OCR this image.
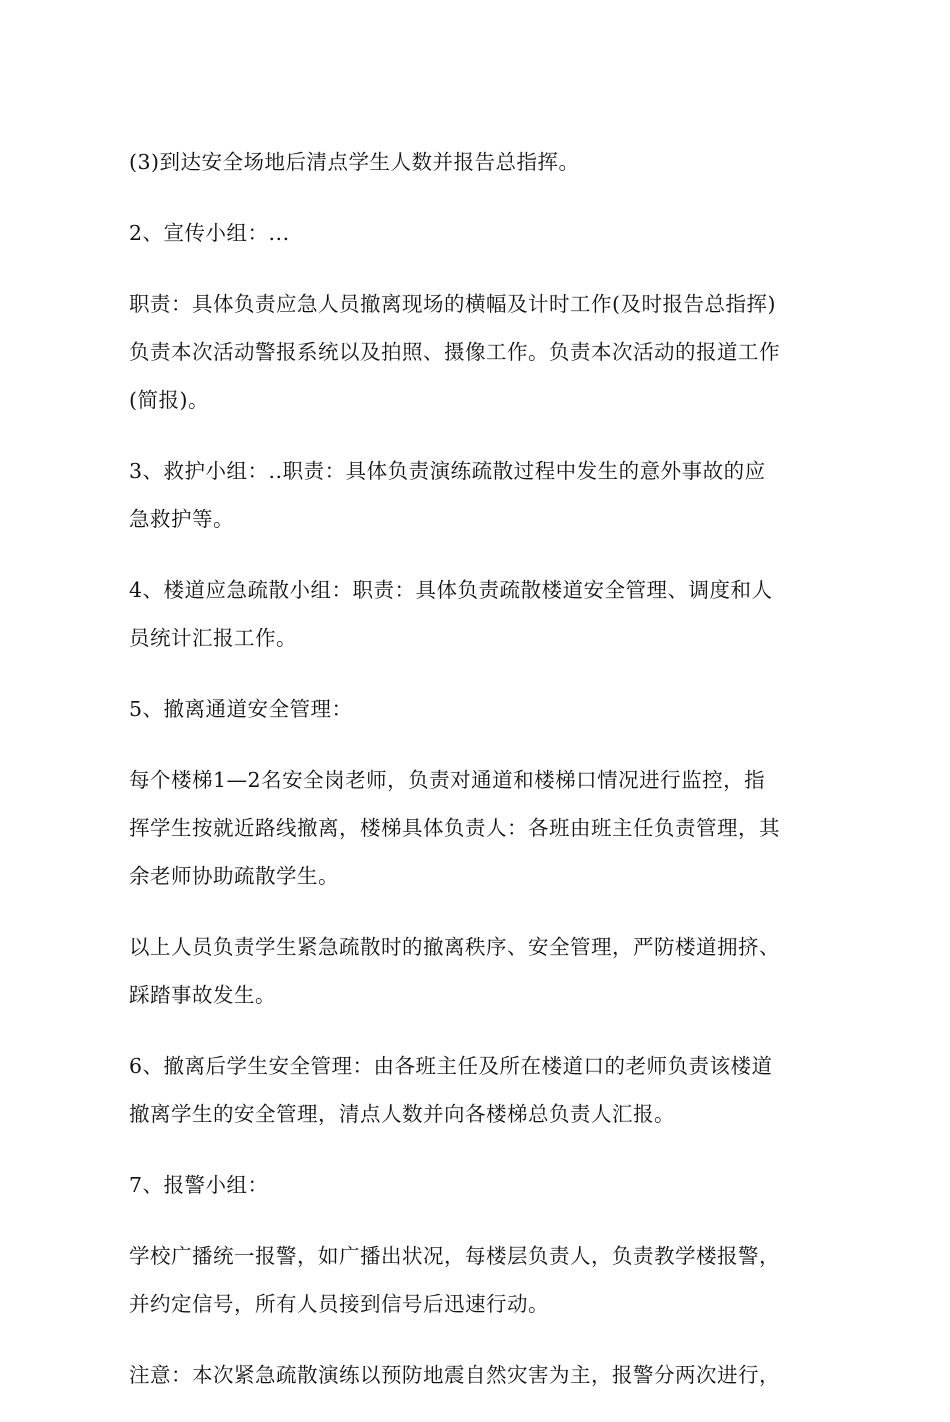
(3)到达安全场地后清点学生人数并报告总指挥。

2、宣传小组：...

职责：具体负责应急人员撤离现场的横幅及计时工作(及时报告总指挥)
负责本次活动警报系统以及拍照、摄像工作。负责本次活动的报道工作
(简报)。

3、救护小组：..职责：具体负责演练疏散过程中发生的意外事故的应
急救护等。

4、楼道应急疏散小组：职责：具体负责疏散楼道安全管理、调度和人
员统计汇报工作。

5、撤离通道安全管理：

每个楼梯1—2名安全岗老师，负责对通道和楼梯口情况进行监控，指
挥学生按就近路线撤离，楼梯具体负责人：各班由班主任负责管理，其
余老师协助疏散学生。

以上人员负责学生紧急疏散时的撤离秩序、安全管理，严防楼道拥挤、
踩踏事故发生。

6、撤离后学生安全管理：由各班主任及所在楼道口的老师负责该楼道
撤离学生的安全管理，清点人数并向各楼梯总负责人汇报。

7、报警小组：

学校广播统一报警，如广播出状况，每楼层负责人，负责教学楼报警，
并约定信号，所有人员接到信号后迅速行动。

注意：本次紧急疏散演练以预防地震自然灾害为主，报警分两次进行，
